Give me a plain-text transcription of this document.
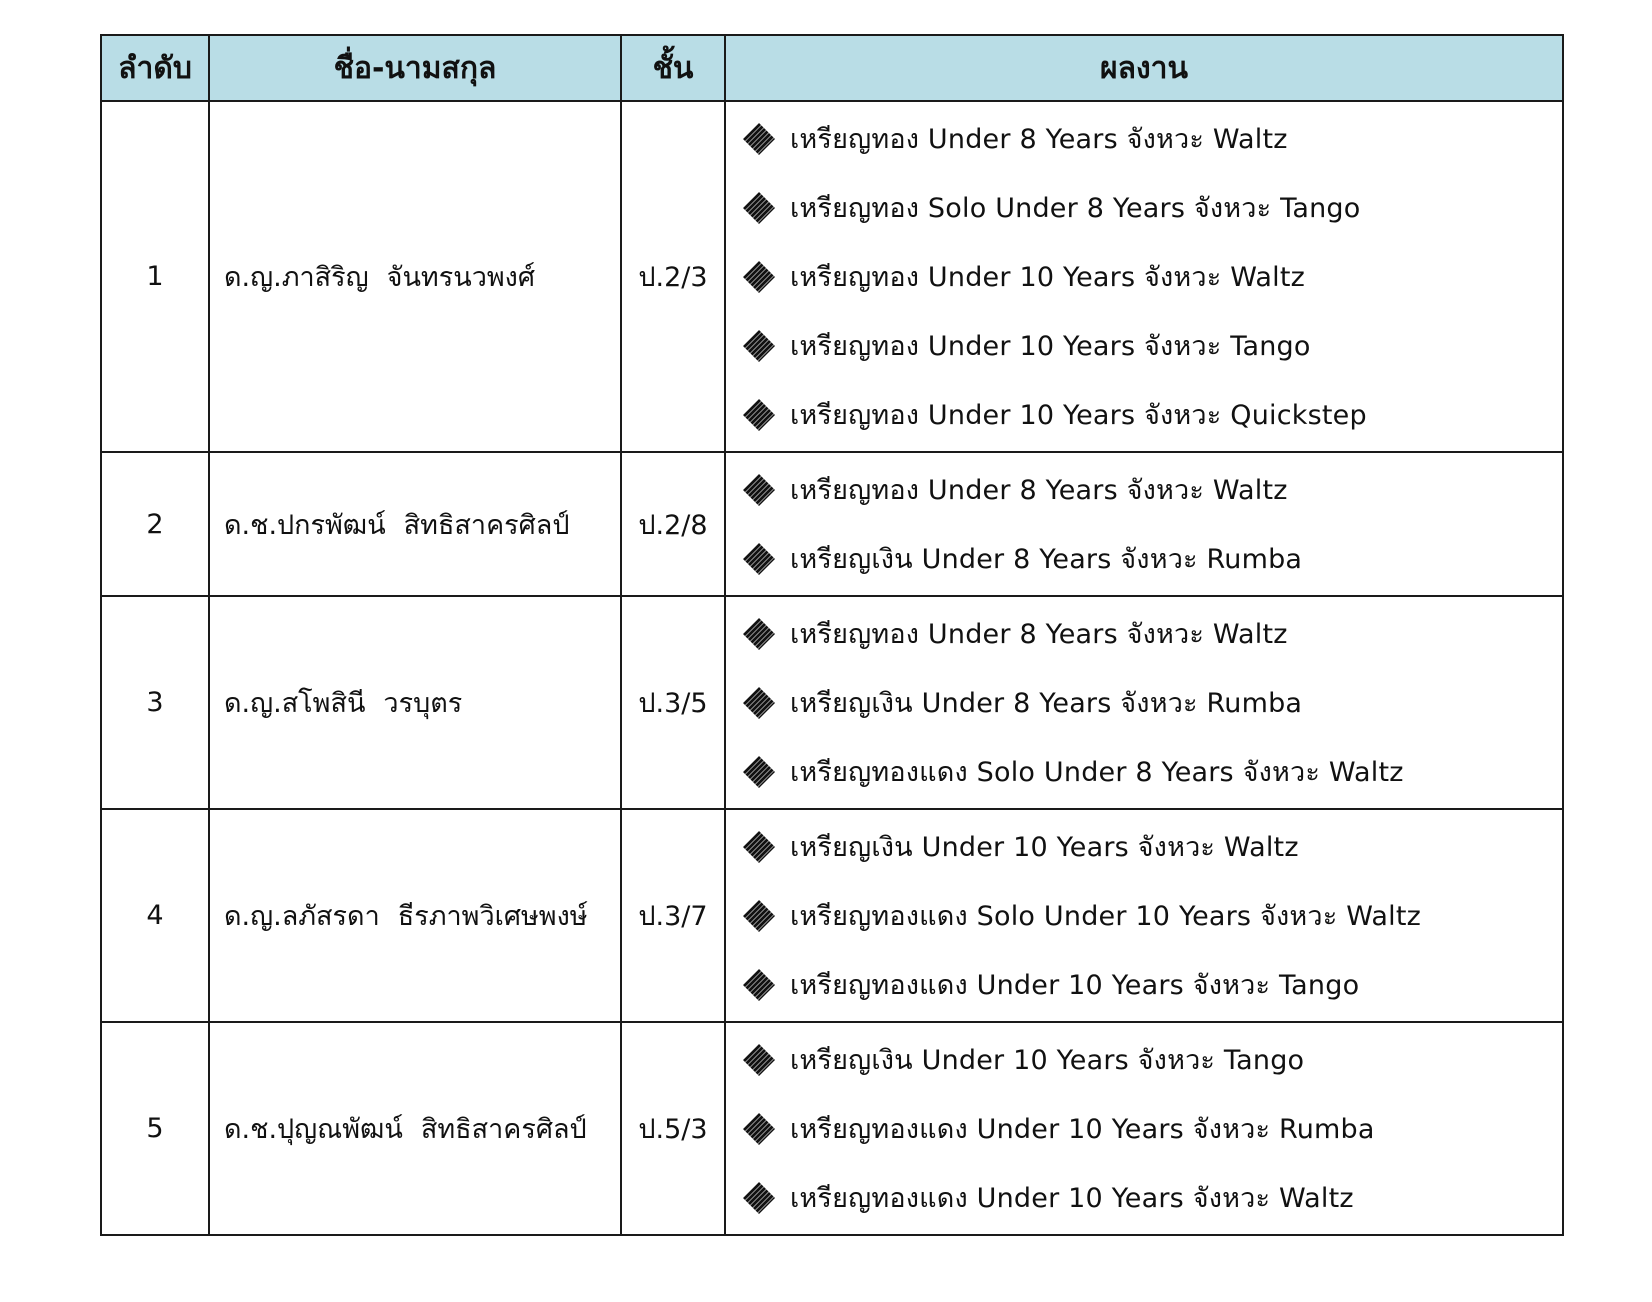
ลำดับ	ชื่อ-นามสกุล	ชั้น	ผลงาน
1	ด.ญ.ภาสิริญ จันทรนวพงศ์	ป.2/3	เหรียญทอง Under 8 Years จังหวะ Waltz
เหรียญทอง Solo Under 8 Years จังหวะ Tango
เหรียญทอง Under 10 Years จังหวะ Waltz
เหรียญทอง Under 10 Years จังหวะ Tango
เหรียญทอง Under 10 Years จังหวะ Quickstep

2	ด.ช.ปกรพัฒน์ สิทธิสาครศิลป์	ป.2/8	เหรียญทอง Under 8 Years จังหวะ Waltz
เหรียญเงิน Under 8 Years จังหวะ Rumba

3	ด.ญ.สโพสินี วรบุตร	ป.3/5	เหรียญทอง Under 8 Years จังหวะ Waltz
เหรียญเงิน Under 8 Years จังหวะ Rumba
เหรียญทองแดง Solo Under 8 Years จังหวะ Waltz

4	ด.ญ.ลภัสรดา ธีรภาพวิเศษพงษ์	ป.3/7	เหรียญเงิน Under 10 Years จังหวะ Waltz
เหรียญทองแดง Solo Under 10 Years จังหวะ Waltz
เหรียญทองแดง Under 10 Years จังหวะ Tango

5	ด.ช.ปุญณพัฒน์ สิทธิสาครศิลป์	ป.5/3	เหรียญเงิน Under 10 Years จังหวะ Tango
เหรียญทองแดง Under 10 Years จังหวะ Rumba
เหรียญทองแดง Under 10 Years จังหวะ Waltz
